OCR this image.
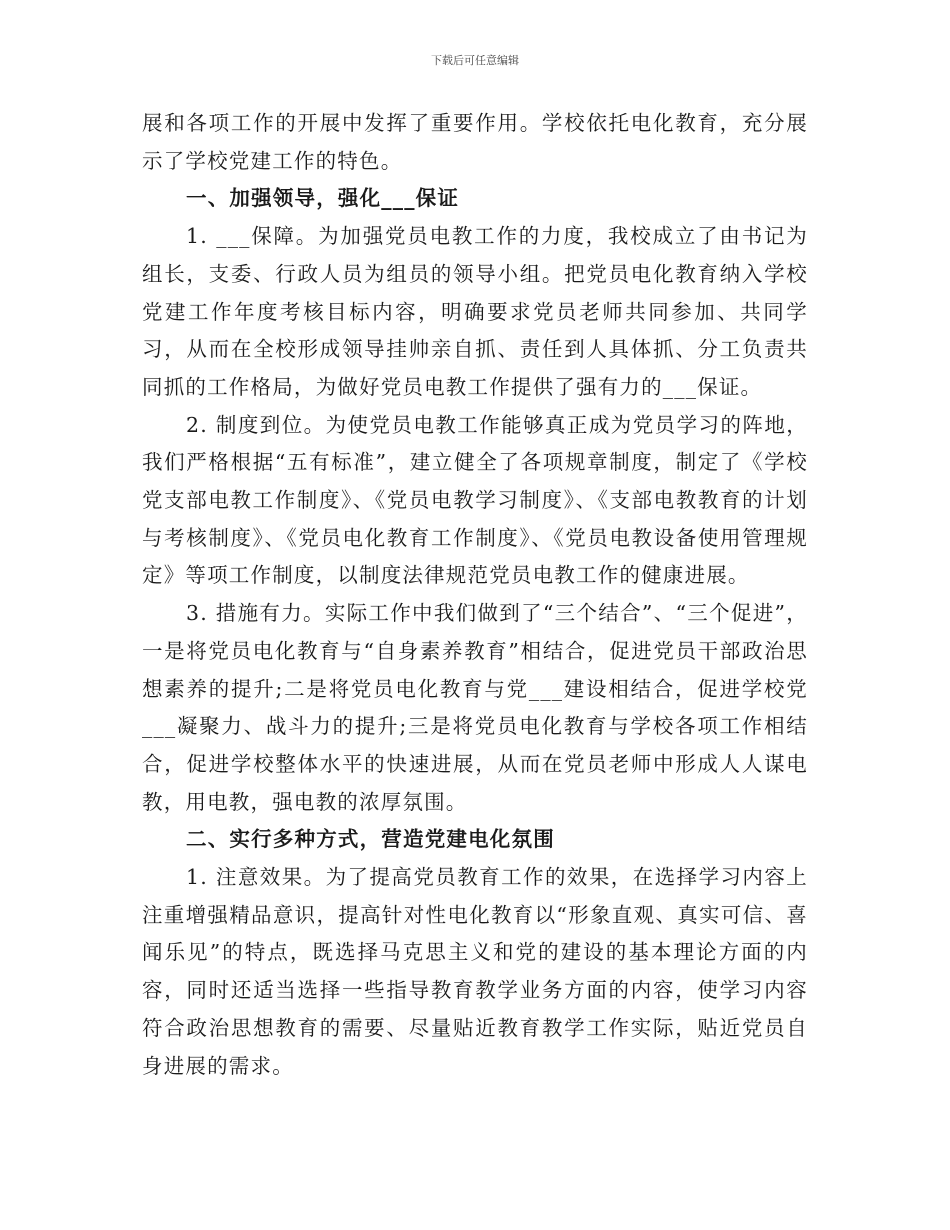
下载后可任意编辑

展和各项工作的开展中发挥了重要作用。学校依托电化教育，充分展示了学校党建工作的特色。

一、加强领导，强化___保证

1. ___保障。为加强党员电教工作的力度，我校成立了由书记为组长，支委、行政人员为组员的领导小组。把党员电化教育纳入学校党建工作年度考核目标内容，明确要求党员老师共同参加、共同学习，从而在全校形成领导挂帅亲自抓、责任到人具体抓、分工负责共同抓的工作格局，为做好党员电教工作提供了强有力的___保证。

2. 制度到位。为使党员电教工作能够真正成为党员学习的阵地，我们严格根据“五有标准”，建立健全了各项规章制度，制定了《学校党支部电教工作制度》、《党员电教学习制度》、《支部电教教育的计划与考核制度》、《党员电化教育工作制度》、《党员电教设备使用管理规定》等项工作制度，以制度法律规范党员电教工作的健康进展。

3. 措施有力。实际工作中我们做到了“三个结合”、“三个促进”，一是将党员电化教育与“自身素养教育”相结合，促进党员干部政治思想素养的提升;二是将党员电化教育与党___建设相结合，促进学校党___凝聚力、战斗力的提升;三是将党员电化教育与学校各项工作相结合，促进学校整体水平的快速进展，从而在党员老师中形成人人谋电教，用电教，强电教的浓厚氛围。

二、实行多种方式，营造党建电化氛围

1. 注意效果。为了提高党员教育工作的效果，在选择学习内容上注重增强精品意识，提高针对性电化教育以“形象直观、真实可信、喜闻乐见”的特点，既选择马克思主义和党的建设的基本理论方面的内容，同时还适当选择一些指导教育教学业务方面的内容，使学习内容符合政治思想教育的需要、尽量贴近教育教学工作实际，贴近党员自身进展的需求。
